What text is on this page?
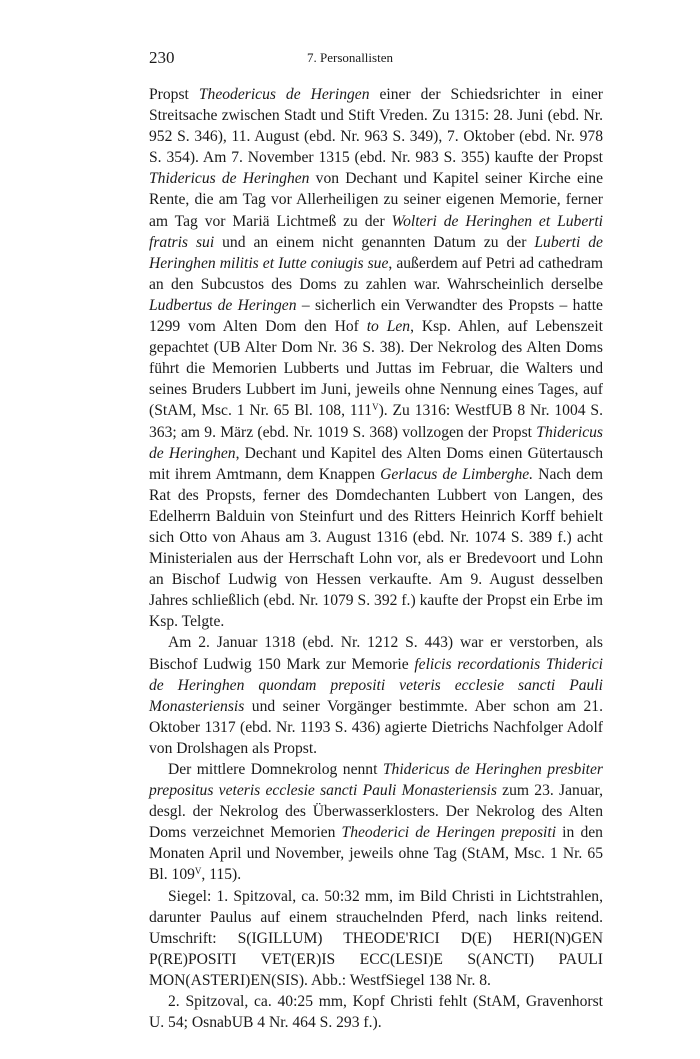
230	7. Personallisten

Propst Theodericus de Heringen einer der Schiedsrichter in einer Streitsache zwischen Stadt und Stift Vreden. Zu 1315: 28. Juni (ebd. Nr. 952 S. 346), 11. August (ebd. Nr. 963 S. 349), 7. Oktober (ebd. Nr. 978 S. 354). Am 7. November 1315 (ebd. Nr. 983 S. 355) kaufte der Propst Thidericus de Heringhen von Dechant und Kapitel seiner Kirche eine Rente, die am Tag vor Allerheiligen zu seiner eigenen Memorie, ferner am Tag vor Mariä Lichtmeß zu der Wolteri de Heringhen et Luberti fratris sui und an einem nicht genannten Datum zu der Luberti de Heringhen militis et Iutte coniugis sue, außerdem auf Petri ad cathedram an den Subcustos des Doms zu zahlen war. Wahrscheinlich derselbe Ludbertus de Heringen – sicherlich ein Verwandter des Propsts – hatte 1299 vom Alten Dom den Hof to Len, Ksp. Ahlen, auf Lebenszeit gepachtet (UB Alter Dom Nr. 36 S. 38). Der Nekrolog des Alten Doms führt die Memorien Lubberts und Juttas im Februar, die Walters und seines Bruders Lubbert im Juni, jeweils ohne Nennung eines Tages, auf (StAM, Msc. 1 Nr. 65 Bl. 108, $111^V$). Zu 1316: WestfUB 8 Nr. 1004 S. 363; am 9. März (ebd. Nr. 1019 S. 368) vollzogen der Propst Thidericus de Heringhen, Dechant und Kapitel des Alten Doms einen Gütertausch mit ihrem Amtmann, dem Knappen Gerlacus de Limberghe. Nach dem Rat des Propsts, ferner des Domdechanten Lubbert von Langen, des Edelherrn Balduin von Steinfurt und des Ritters Heinrich Korff behielt sich Otto von Ahaus am 3. August 1316 (ebd. Nr. 1074 S. 389 f.) acht Ministerialen aus der Herrschaft Lohn vor, als er Bredevoort und Lohn an Bischof Ludwig von Hessen verkaufte. Am 9. August desselben Jahres schließlich (ebd. Nr. 1079 S. 392 f.) kaufte der Propst ein Erbe im Ksp. Telgte.

Am 2. Januar 1318 (ebd. Nr. 1212 S. 443) war er verstorben, als Bischof Ludwig 150 Mark zur Memorie felicis recordationis Thiderici de Heringhen quondam prepositi veteris ecclesie sancti Pauli Monasteriensis und seiner Vorgänger bestimmte. Aber schon am 21. Oktober 1317 (ebd. Nr. 1193 S. 436) agierte Dietrichs Nachfolger Adolf von Drolshagen als Propst.

Der mittlere Domnekrolog nennt Thidericus de Heringhen presbiter prepositus veteris ecclesie sancti Pauli Monasteriensis zum 23. Januar, desgl. der Nekrolog des Überwasserklosters. Der Nekrolog des Alten Doms verzeichnet Memorien Theoderici de Heringen prepositi in den Monaten April und November, jeweils ohne Tag (StAM, Msc. 1 Nr. 65 Bl. $109^V$, 115).

Siegel: 1. Spitzoval, ca. 50:32 mm, im Bild Christi in Lichtstrahlen, darunter Paulus auf einem strauchelnden Pferd, nach links reitend. Umschrift: S(IGILLUM) THEODE'RICI D(E) HERI(N)GEN P(RE)POSITI VET(ER)IS ECC(LESI)E S(ANCTI) PAULI MON(ASTERI)EN(SIS). Abb.: WestfSiegel 138 Nr. 8.

2. Spitzoval, ca. 40:25 mm, Kopf Christi fehlt (StAM, Gravenhorst U. 54; OsnabUB 4 Nr. 464 S. 293 f.).
